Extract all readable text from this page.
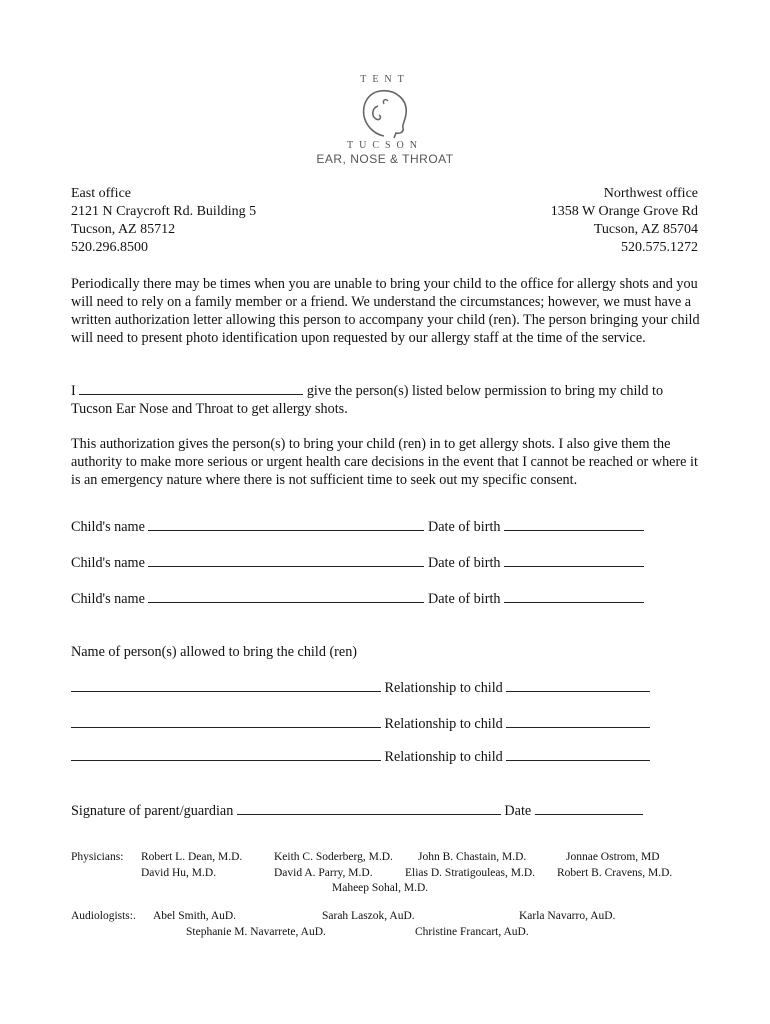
TENT
TUCSON
EAR, NOSE & THROAT
East office
2121 N Craycroft Rd. Building 5
Tucson, AZ 85712
520.296.8500
Northwest office
1358 W Orange Grove Rd
Tucson, AZ 85704
520.575.1272
Periodically there may be times when you are unable to bring your child to the office for allergy shots and you will need to rely on a family member or a friend. We understand the circumstances; however, we must have a written authorization letter allowing this person to accompany your child (ren). The person bringing your child will need to present photo identification upon requested by our allergy staff at the time of the service.
I	give the person(s) listed below permission to bring my child to
Tucson Ear Nose and Throat to get allergy shots.
This authorization gives the person(s) to bring your child (ren) in to get allergy shots. I also give them the authority to make more serious or urgent health care decisions in the event that I cannot be reached or where it is an emergency nature where there is not sufficient time to seek out my specific consent.
Child's name	Date of birth
Child's name	Date of birth
Child's name	Date of birth
Name of person(s) allowed to bring the child (ren)
Relationship to child
Relationship to child
Relationship to child
Signature of parent/guardian	Date
Physicians: Robert L. Dean, M.D.	Keith C. Soderberg, M.D. John B. Chastain, M.D.	Jonnae Ostrom, MD
David Hu, M.D.	David A. Parry, M.D.	Elias D. Stratigouleas, M.D. Robert B. Cravens, M.D.
Maheep Sohal, M.D.
Audiologists:. Abel Smith, AuD.	Sarah Laszok, AuD.	Karla Navarro, AuD.
Stephanie M. Navarrete, AuD.	Christine Francart, AuD.
